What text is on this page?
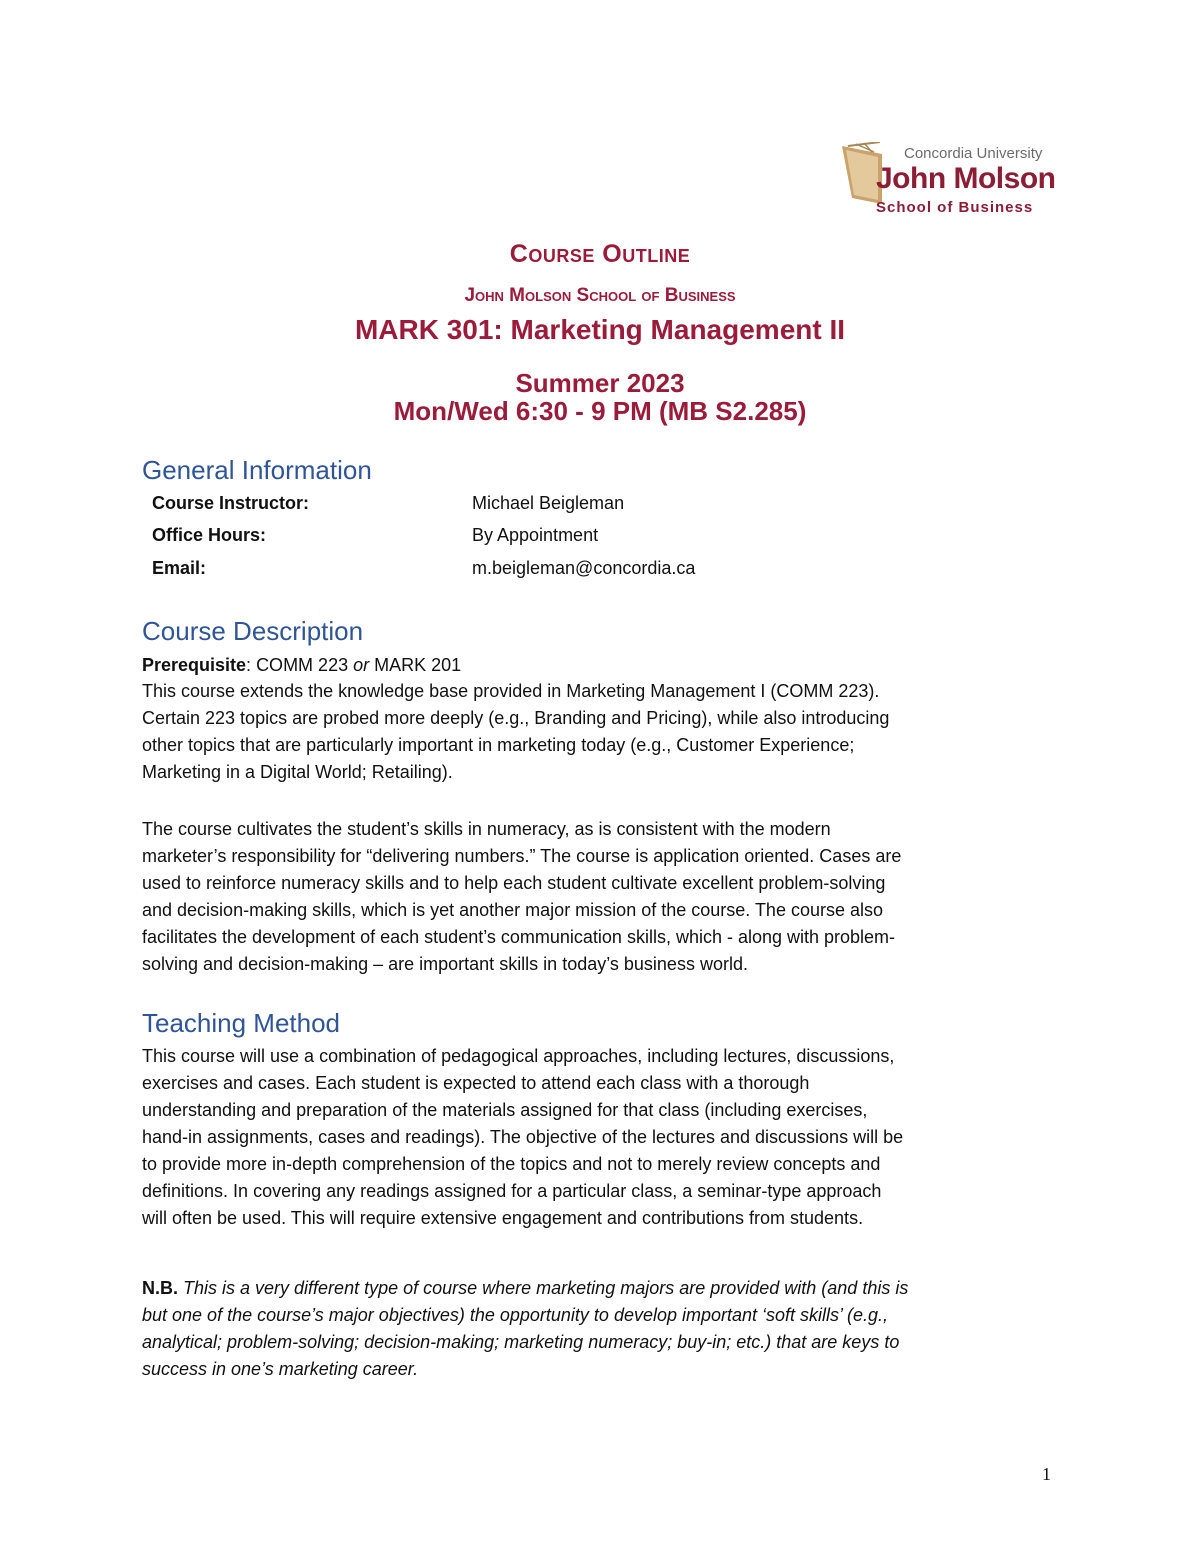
Concordia University
John Molson
School of Business
Course Outline
John Molson School of Business
MARK 301: Marketing Management II
Summer 2023
Mon/Wed 6:30 - 9 PM (MB S2.285)
General Information
Course Instructor:	Michael Beigleman
Office Hours:	By Appointment
Email:	m.beigleman@concordia.ca
Course Description
Prerequisite: COMM 223 or MARK 201
This course extends the knowledge base provided in Marketing Management I (COMM 223).
Certain 223 topics are probed more deeply (e.g., Branding and Pricing), while also introducing
other topics that are particularly important in marketing today (e.g., Customer Experience;
Marketing in a Digital World; Retailing).
The course cultivates the student’s skills in numeracy, as is consistent with the modern
marketer’s responsibility for “delivering numbers.” The course is application oriented. Cases are
used to reinforce numeracy skills and to help each student cultivate excellent problem-solving
and decision-making skills, which is yet another major mission of the course. The course also
facilitates the development of each student’s communication skills, which - along with problem-
solving and decision-making – are important skills in today’s business world.
Teaching Method
This course will use a combination of pedagogical approaches, including lectures, discussions,
exercises and cases. Each student is expected to attend each class with a thorough
understanding and preparation of the materials assigned for that class (including exercises,
hand-in assignments, cases and readings). The objective of the lectures and discussions will be
to provide more in-depth comprehension of the topics and not to merely review concepts and
definitions. In covering any readings assigned for a particular class, a seminar-type approach
will often be used. This will require extensive engagement and contributions from students.
N.B. This is a very different type of course where marketing majors are provided with (and this is
but one of the course’s major objectives) the opportunity to develop important ‘soft skills’ (e.g.,
analytical; problem-solving; decision-making; marketing numeracy; buy-in; etc.) that are keys to
success in one’s marketing career.
1
